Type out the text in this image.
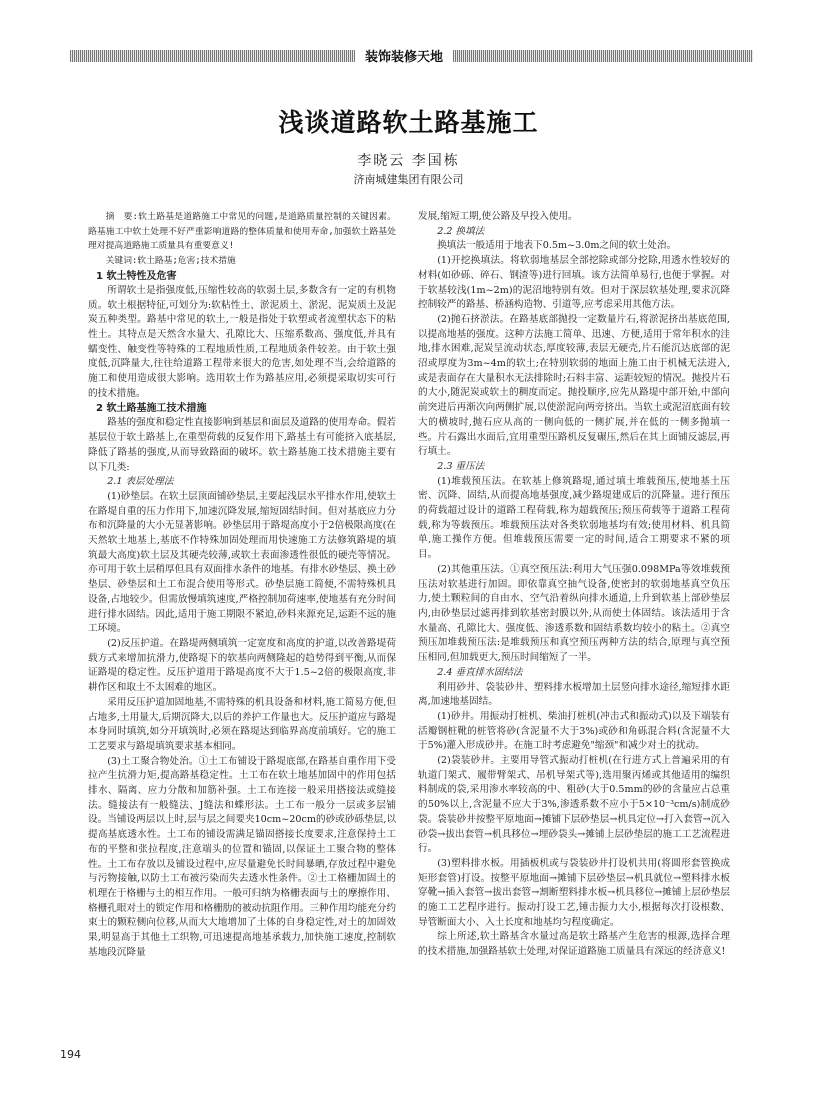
装饰装修天地
浅谈道路软土路基施工
李晓云 李国栋
济南城建集团有限公司

摘　要:软土路基是道路施工中常见的问题,是道路质量控制的关键因素。路基施工中软土处理不好严重影响道路的整体质量和使用寿命,加强软土路基处理对提高道路施工质量具有重要意义!

关键词:软土路基;危害;技术措施

1 软土特性及危害

所谓软土是指强度低,压缩性较高的软弱土层,多数含有一定的有机物质。软土根据特征,可划分为:软粘性土、淤泥质土、淤泥、泥炭质土及泥炭五种类型。路基中常见的软土,一般是指处于软塑或者流塑状态下的粘性土。其特点是天然含水量大、孔隙比大、压缩系数高、强度低,并具有蠕变性、触变性等特殊的工程地质性质,工程地质条件较差。由于软土强度低,沉降量大,往往给道路工程带来很大的危害,如处理不当,会给道路的施工和使用造成很大影响。选用软土作为路基应用,必须提采取切实可行的技术措施。

2 软土路基施工技术措施

路基的强度和稳定性直接影响到基层和面层及道路的使用寿命。假若基层位于软土路基上,在重型荷载的反复作用下,路基土有可能挤入底基层,降低了路基的强度,从而导致路面的破坏。软土路基施工技术措施主要有以下几类:

2.1 表层处理法

(1)砂垫层。在软土层顶面铺砂垫层,主要起浅层水平排水作用,使软土在路堤自重的压力作用下,加速沉降发展,缩短固结时间。但对基底应力分布和沉降量的大小无显著影响。砂垫层用于路堤高度小于2倍极限高度(在天然软土地基上,基底不作特殊加固处理而用快速施工方法修筑路堤的填筑最大高度)软土层及其硬壳较薄,或软土表面渗透性很低的硬壳等情况。亦可用于软土层稍厚但具有双面排水条件的地基。有排水砂垫层、换土砂垫层、砂垫层和土工布混合使用等形式。砂垫层施工简便,不需特殊机具设备,占地较少。但需放慢填筑速度,严格控制加荷速率,使地基有充分时间进行排水固结。因此,适用于施工期限不紧迫,砂料来源充足,运距不远的施工环境。

(2)反压护道。在路堤两侧填筑一定宽度和高度的护道,以改善路堤荷载方式来增加抗滑力,使路堤下的软基向两侧隆起的趋势得到平衡,从而保证路堤的稳定性。反压护道用于路堤高度不大于1.5~2倍的极限高度,非耕作区和取土不太困难的地区。

采用反压护道加固地基,不需特殊的机具设备和材料,施工简易方便,但占地多,土用量大,后期沉降大,以后的养护工作量也大。反压护道应与路堤本身同时填筑,如分开填筑时,必须在路堤达到临界高度前填好。它的施工工艺要求与路堤填筑要求基本相同。

(3)土工聚合物处治。①土工布铺设于路堤底部,在路基自重作用下受拉产生抗滑力矩,提高路基稳定性。土工布在软土地基加固中的作用包括排水、隔离、应力分散和加筋补强。土工布连接一般采用搭接法或缝接法。缝接法有一般缝法、J缝法和蝶形法。土工布一般分一层或多层铺设。当铺设两层以上时,层与层之间要夹10cm~20cm的砂或砂砾垫层,以提高基底透水性。土工布的铺设需满足锚固搭接长度要求,注意保持土工布的平整和张拉程度,注意端头的位置和锚固,以保证土工聚合物的整体性。土工布存放以及铺设过程中,应尽量避免长时间暴晒,存放过程中避免与污物接触,以防土工布被污染而失去透水性条件。②土工格栅加固土的机理在于格栅与土的相互作用。一般可归纳为格栅表面与土的摩擦作用、格栅孔眼对土的锁定作用和格栅肋的被动抗阻作用。三种作用均能充分约束土的颗粒侧向位移,从而大大地增加了土体的自身稳定性,对土的加固效果,明显高于其他土工织物,可迅速提高地基承载力,加快施工速度,控制软基地段沉降量

发展,缩短工期,使公路及早投入使用。

2.2 换填法

换填法一般适用于地表下0.5m~3.0m之间的软土处治。

(1)开挖换填法。将软弱地基层全部挖除或部分挖除,用透水性较好的材料(如砂砾、碎石、钢渣等)进行回填。该方法简单易行,也便于掌握。对于软基较浅(1m~2m)的泥沼地特别有效。但对于深层软基处理,要求沉降控制较严的路基、桥涵构造物、引道等,应考虑采用其他方法。

(2)抛石挤淤法。在路基底部抛投一定数量片石,将淤泥挤出基底范围,以提高地基的强度。这种方法施工简单、迅速、方便,适用于常年积水的洼地,排水困难,泥炭呈流动状态,厚度较薄,表层无硬壳,片石能沉达底部的泥沼或厚度为3m~4m的软土;在特别软弱的地面上施工由于机械无法进入,或是表面存在大量积水无法排除时;石料丰富、运距较短的情况。抛投片石的大小,随泥炭或软土的稠度而定。抛投顺序,应先从路堤中部开始,中部向前突进后再渐次向两侧扩展,以使淤泥向两旁挤出。当软土或泥沼底面有较大的横坡时,抛石应从高的一侧向低的一侧扩展,并在低的一侧多抛填一些。片石露出水面后,宜用重型压路机反复碾压,然后在其上面铺反滤层,再行填土。

2.3 重压法

(1)堆载预压法。在软基上修筑路堤,通过填土堆载预压,使地基土压密、沉降、固结,从而提高地基强度,减少路堤建成后的沉降量。进行预压的荷载超过设计的道路工程荷载,称为超载预压;预压荷载等于道路工程荷载,称为等载预压。堆载预压法对各类软弱地基均有效;使用材料、机具简单,施工操作方便。但堆载预压需要一定的时间,适合工期要求不紧的项目。

(2)其他重压法。①真空预压法:利用大气压强0.098MPa等效堆载预压法对软基进行加固。即依靠真空抽气设备,使密封的软弱地基真空负压力,使土颗粒间的自由水、空气沿着纵向排水通道,上升到软基上部砂垫层内,由砂垫层过滤再排到软基密封膜以外,从而使土体固结。该法适用于含水量高、孔隙比大、强度低、渗透系数和固结系数均较小的粘土。②真空预压加堆载预压法:是堆载预压和真空预压两种方法的结合,原理与真空预压相同,但加载更大,预压时间缩短了一半。

2.4 垂直排水固结法

利用砂井、袋装砂井、塑料排水板增加土层竖向排水途径,缩短排水距离,加速地基固结。

(1)砂井。用振动打桩机、柴油打桩机(冲击式和振动式)以及下端装有活瓣钢桩靴的桩管将砂(含泥量不大于3%)或砂和角砾混合料(含泥量不大于5%)灌入形成砂井。在施工时考虑避免"缩颈"和减少对土的扰动。

(2)袋装砂井。主要用导管式振动打桩机(在行进方式上普遍采用的有轨道门架式、履带臂架式、吊机导架式等),选用聚丙烯或其他适用的编织料制成的袋,采用渗水率较高的中、粗砂(大于0.5mm的砂的含量应占总重的50%以上,含泥量不应大于3%,渗透系数不应小于5×10⁻³cm/s)制成砂袋。袋装砂井按整平原地面→摊铺下层砂垫层→机具定位→打入套管→沉入砂袋→拔出套管→机具移位→埋砂袋头→摊铺上层砂垫层的施工工艺流程进行。

(3)塑料排水板。用插板机或与袋装砂井打设机共用(将圆形套管换成矩形套管)打设。按整平原地面→摊铺下层砂垫层→机具就位→塑料排水板穿靴→插入套管→拔出套管→割断塑料排水板→机具移位→摊铺上层砂垫层的施工工艺程序进行。振动打设工艺,锤击振力大小,根据每次打设根数、导管断面大小、入土长度和地基均匀程度确定。

综上所述,软土路基含水量过高是软土路基产生危害的根源,选择合理的技术措施,加强路基软土处理,对保证道路施工质量具有深远的经济意义!

194
